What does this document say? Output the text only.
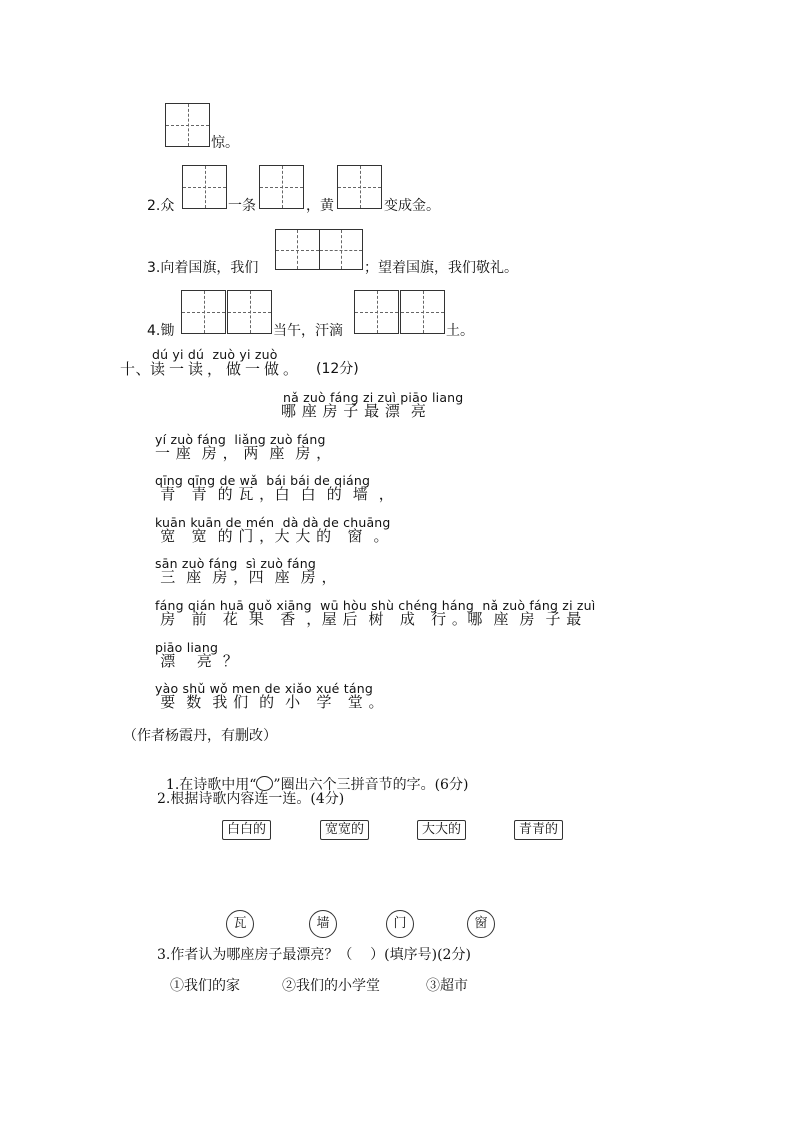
惊。
2.众	一条	，黄	变成金。
3.向着国旗，我们	；望着国旗，我们敬礼。
4.锄	当午，汗滴	土。
dú yi dú  zuò yi zuò
十、
读一读，做一做。 (12分)
nǎ zuò fáng zi zuì piāo liang
哪 座 房 子 最 漂  亮
yí zuò fáng  liǎng zuò fáng
一 座  房 ， 两  座  房 ，
qīng qīng de wǎ  bái bái de qiáng
青   青  的 瓦 ，白  白  的  墙  ，
kuān kuān de mén  dà dà de chuāng
宽   宽  的 门 ，大 大 的   窗  。
sān zuò fáng  sì zuò fáng
三  座  房 ，四  座  房 ，
fáng qián huā guǒ xiāng  wū hòu shù chéng háng  nǎ zuò fáng zi zuì
房   前   花  果   香  ，屋 后  树   成   行 。哪  座  房  子 最
piāo liang
漂    亮  ？
yào shǔ wǒ men de xiǎo xué táng
要  数  我 们  的  小   学   堂 。
（作者杨霞丹，有删改）

1.在诗歌中用“ ”圈出六个三拼音节的字。(6分)

2.根据诗歌内容连一连。(4分)
白白的	宽宽的	大大的	青青的
瓦	墙	门	窗
3.作者认为哪座房子最漂亮？（    ）(填序号)(2分)
①我们的家	②我们的小学堂	③超市
